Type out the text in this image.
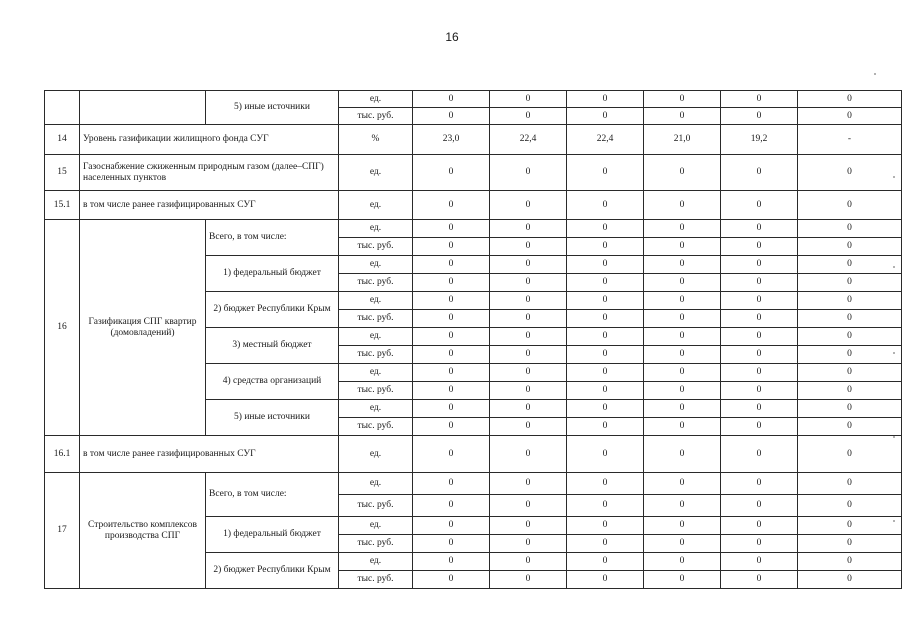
16
		5) иные источники	ед.	0	0	0	0	0	0
			тыс. руб.	0	0	0	0	0	0
14	Уровень газификации жилищного фонда СУГ		%	23,0	22,4	22,4	21,0	19,2	-
15	Газоснабжение сжиженным природным газом (далее–СПГ) населенных пунктов		ед.	0	0	0	0	0	0
15.1	в том числе ранее газифицированных СУГ		ед.	0	0	0	0	0	0
16	Газификация СПГ квартир (домовладений)	Всего, в том числе:	ед.	0	0	0	0	0	0
			тыс. руб.	0	0	0	0	0	0
		1) федеральный бюджет	ед.	0	0	0	0	0	0
			тыс. руб.	0	0	0	0	0	0
		2) бюджет Республики Крым	ед.	0	0	0	0	0	0
			тыс. руб.	0	0	0	0	0	0
		3) местный бюджет	ед.	0	0	0	0	0	0
			тыс. руб.	0	0	0	0	0	0
		4) средства организаций	ед.	0	0	0	0	0	0
			тыс. руб.	0	0	0	0	0	0
		5) иные источники	ед.	0	0	0	0	0	0
			тыс. руб.	0	0	0	0	0	0
16.1	в том числе ранее газифицированных СУГ		ед.	0	0	0	0	0	0
17	Строительство комплексов производства СПГ	Всего, в том числе:	ед.	0	0	0	0	0	0
			тыс. руб.	0	0	0	0	0	0
		1) федеральный бюджет	ед.	0	0	0	0	0	0
			тыс. руб.	0	0	0	0	0	0
		2) бюджет Республики Крым	ед.	0	0	0	0	0	0
			тыс. руб.	0	0	0	0	0	0
